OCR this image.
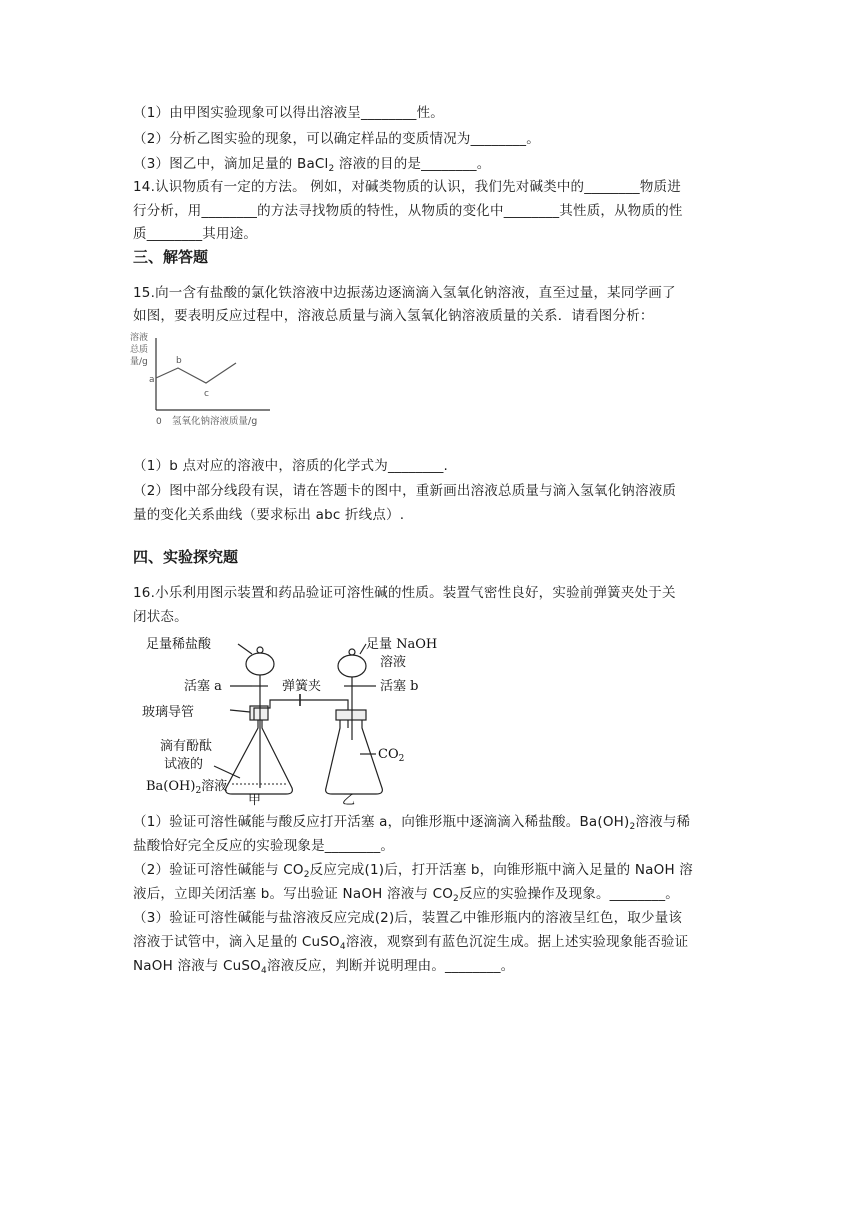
（1）由甲图实验现象可以得出溶液呈________性。
（2）分析乙图实验的现象，可以确定样品的变质情况为________。
（3）图乙中，滴加足量的 BaCl$_2$ 溶液的目的是________。
14.认识物质有一定的方法。 例如，对碱类物质的认识，我们先对碱类中的________物质进
行分析，用________的方法寻找物质的特性，从物质的变化中________其性质，从物质的性
质________其用途。
三、解答题
15.向一含有盐酸的氯化铁溶液中边振荡边逐滴滴入氢氧化钠溶液，直至过量，某同学画了
如图，要表明反应过程中，溶液总质量与滴入氢氧化钠溶液质量的关系．请看图分析：
溶液
总质
量/g
a
b
c
0 氢氧化钠溶液质量/g
（1）b 点对应的溶液中，溶质的化学式为________.
（2）图中部分线段有误，请在答题卡的图中，重新画出溶液总质量与滴入氢氧化钠溶液质
量的变化关系曲线（要求标出 abc 折线点）.
四、实验探究题
16.小乐利用图示装置和药品验证可溶性碱的性质。装置气密性良好，实验前弹簧夹处于关
闭状态。
足量稀盐酸
活塞 a
玻璃导管
滴有酚酞
试液的
$Ba(OH)_2$溶液
弹簧夹
足量 NaOH
溶液
活塞 b
$CO_2$
甲	乙
（1）验证可溶性碱能与酸反应打开活塞 a，向锥形瓶中逐滴滴入稀盐酸。$Ba(OH)_2$溶液与稀
盐酸恰好完全反应的实验现象是________。
（2）验证可溶性碱能与 $CO_2$反应完成(1)后，打开活塞 b，向锥形瓶中滴入足量的 NaOH 溶
液后，立即关闭活塞 b。写出验证 NaOH 溶液与 $CO_2$反应的实验操作及现象。________。
（3）验证可溶性碱能与盐溶液反应完成(2)后，装置乙中锥形瓶内的溶液呈红色，取少量该
溶液于试管中，滴入足量的 CuSO$_4$溶液，观察到有蓝色沉淀生成。据上述实验现象能否验证
NaOH 溶液与 CuSO$_4$溶液反应，判断并说明理由。________。
